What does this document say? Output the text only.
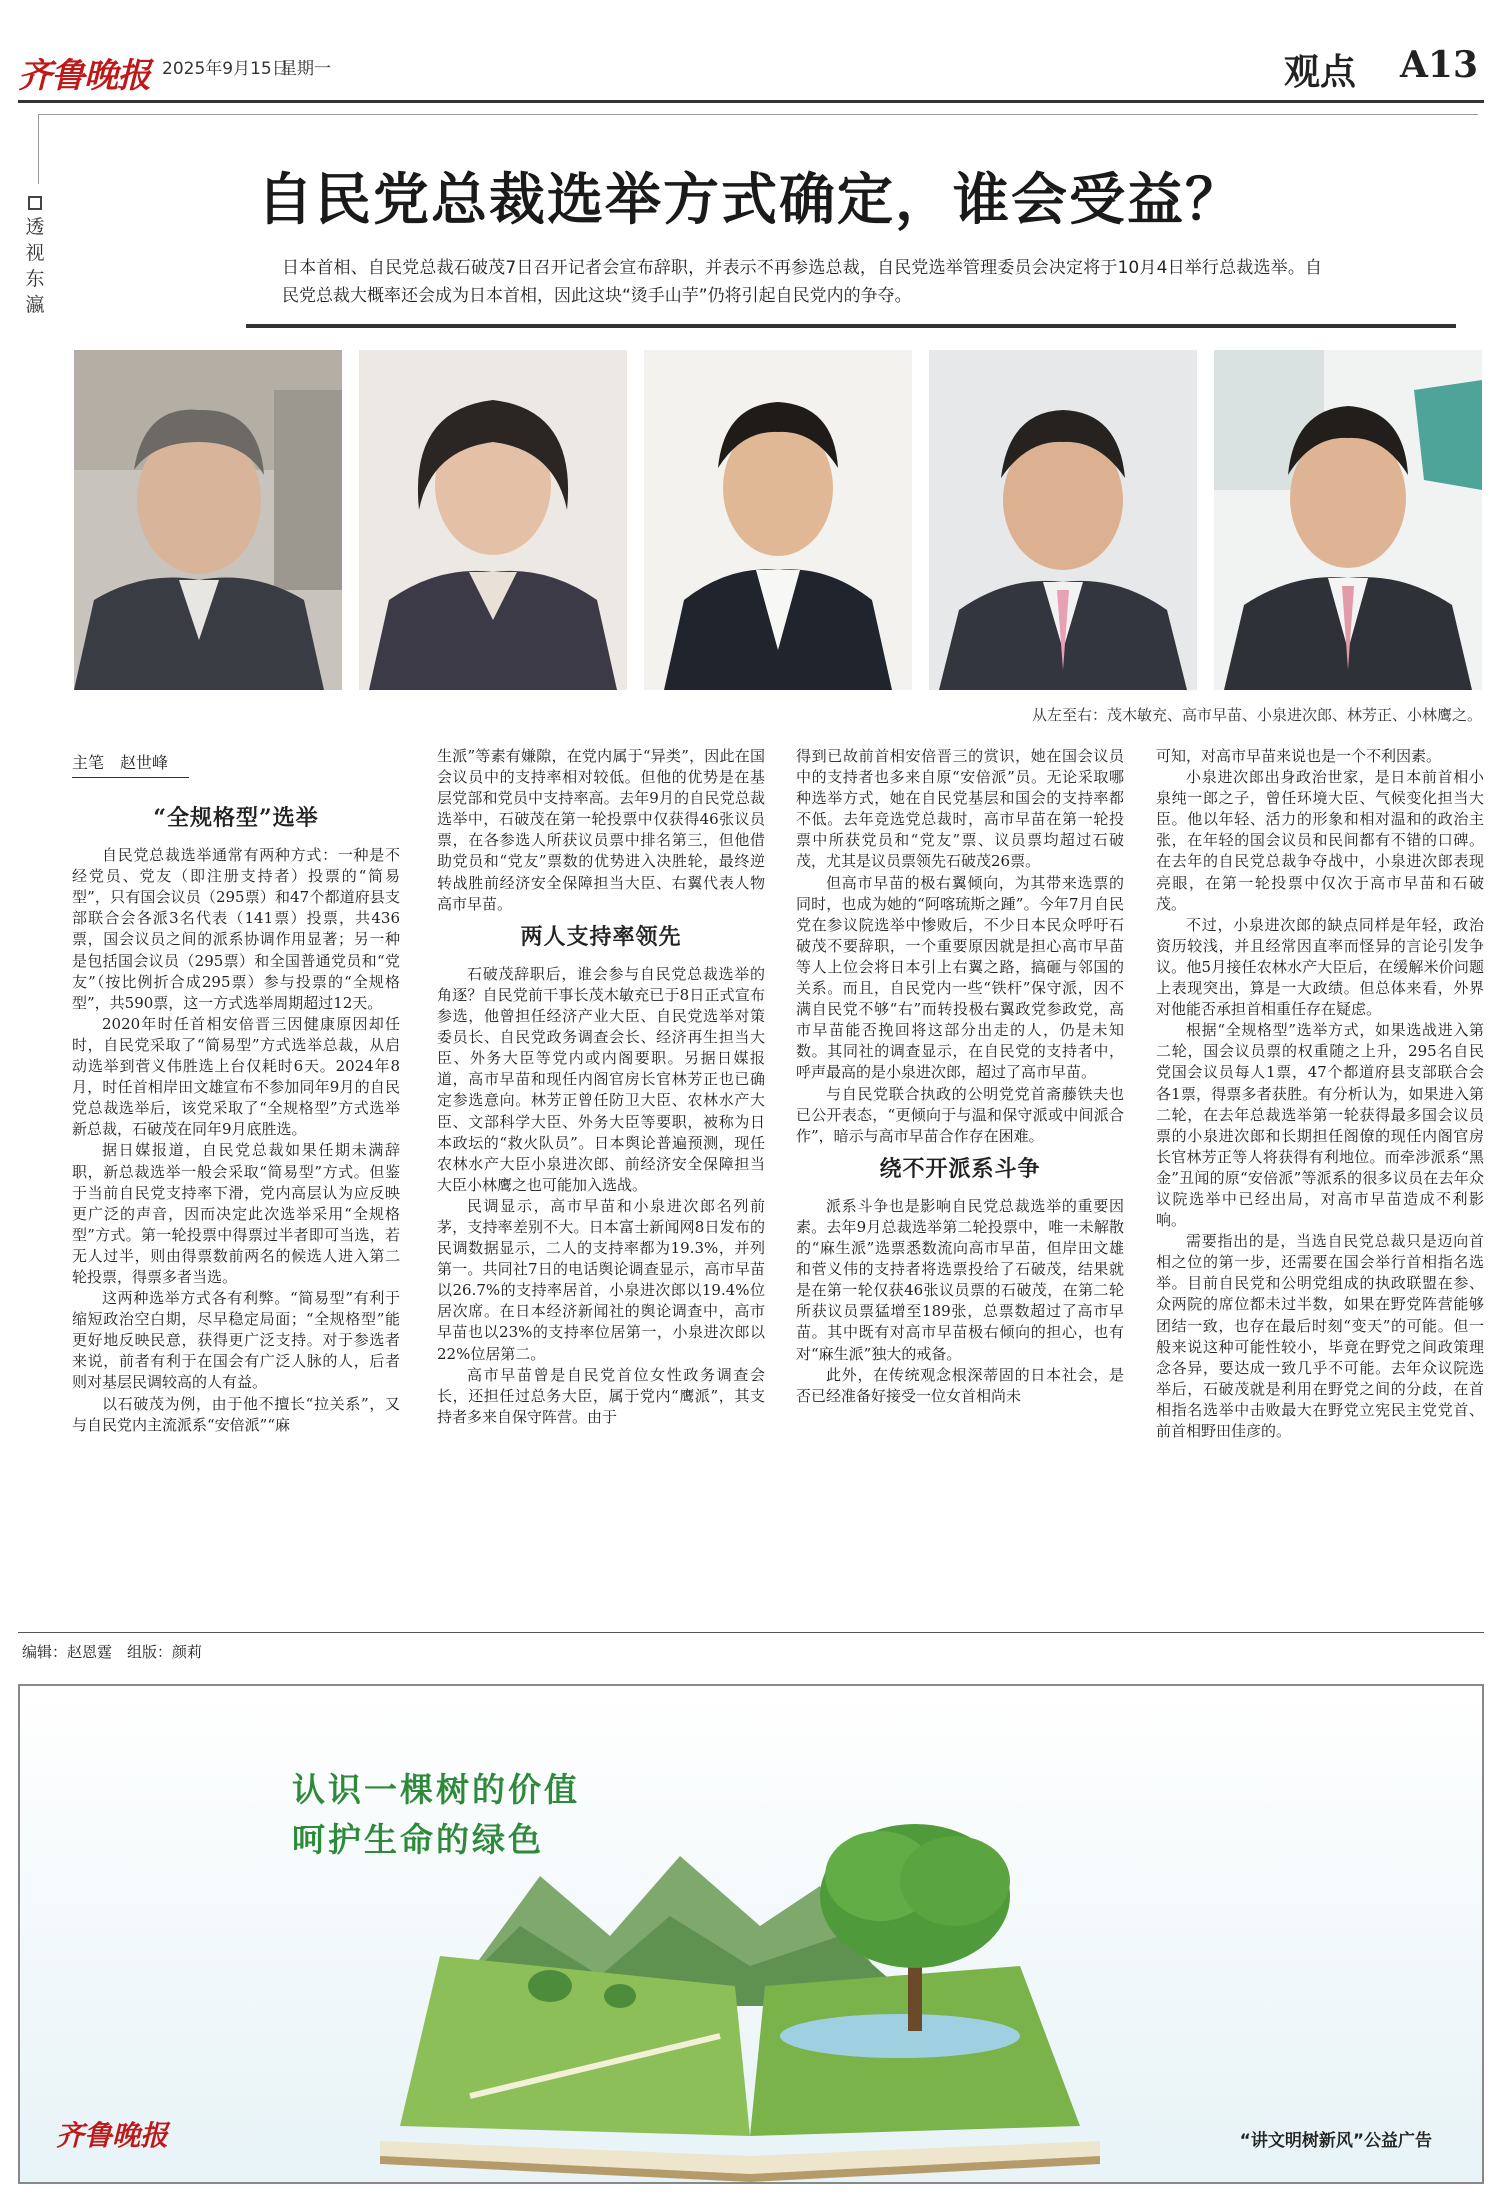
齐鲁晚报 2025年9月15日
星期一	观点 A13
透视东瀛
自民党总裁选举方式确定，谁会受益？
日本首相、自民党总裁石破茂7日召开记者会宣布辞职，并表示不再参选总裁，自民党选举管理委员会决定将于10月4日举行总裁选举。自民党总裁大概率还会成为日本首相，因此这块“烫手山芋”仍将引起自民党内的争夺。
从左至右：茂木敏充、高市早苗、小泉进次郎、林芳正、小林鹰之。
主笔　赵世峰
“全规格型”选举

自民党总裁选举通常有两种方式：一种是不经党员、党友（即注册支持者）投票的“简易型”，只有国会议员（295票）和47个都道府县支部联合会各派3名代表（141票）投票，共436票，国会议员之间的派系协调作用显著；另一种是包括国会议员（295票）和全国普通党员和“党友”（按比例折合成295票）参与投票的“全规格型”，共590票，这一方式选举周期超过12天。

2020年时任首相安倍晋三因健康原因却任时，自民党采取了“简易型”方式选举总裁，从启动选举到菅义伟胜选上台仅耗时6天。2024年8月，时任首相岸田文雄宣布不参加同年9月的自民党总裁选举后，该党采取了“全规格型”方式选举新总裁，石破茂在同年9月底胜选。

据日媒报道，自民党总裁如果任期未满辞职，新总裁选举一般会采取“简易型”方式。但鉴于当前自民党支持率下滑，党内高层认为应反映更广泛的声音，因而决定此次选举采用“全规格型”方式。第一轮投票中得票过半者即可当选，若无人过半，则由得票数前两名的候选人进入第二轮投票，得票多者当选。

这两种选举方式各有利弊。“简易型”有利于缩短政治空白期，尽早稳定局面；“全规格型”能更好地反映民意，获得更广泛支持。对于参选者来说，前者有利于在国会有广泛人脉的人，后者则对基层民调较高的人有益。

以石破茂为例，由于他不擅长“拉关系”，又与自民党内主流派系“安倍派”“麻

生派”等素有嫌隙，在党内属于“异类”，因此在国会议员中的支持率相对较低。但他的优势是在基层党部和党员中支持率高。去年9月的自民党总裁选举中，石破茂在第一轮投票中仅获得46张议员票，在各参选人所获议员票中排名第三，但他借助党员和“党友”票数的优势进入决胜轮，最终逆转战胜前经济安全保障担当大臣、右翼代表人物高市早苗。

两人支持率领先

石破茂辞职后，谁会参与自民党总裁选举的角逐？自民党前干事长茂木敏充已于8日正式宣布参选，他曾担任经济产业大臣、自民党选举对策委员长、自民党政务调查会长、经济再生担当大臣、外务大臣等党内或内阁要职。另据日媒报道，高市早苗和现任内阁官房长官林芳正也已确定参选意向。林芳正曾任防卫大臣、农林水产大臣、文部科学大臣、外务大臣等要职，被称为日本政坛的“救火队员”。日本舆论普遍预测，现任农林水产大臣小泉进次郎、前经济安全保障担当大臣小林鹰之也可能加入选战。

民调显示，高市早苗和小泉进次郎名列前茅，支持率差别不大。日本富士新闻网8日发布的民调数据显示，二人的支持率都为19.3%，并列第一。共同社7日的电话舆论调查显示，高市早苗以26.7%的支持率居首，小泉进次郎以19.4%位居次席。在日本经济新闻社的舆论调查中，高市早苗也以23%的支持率位居第一，小泉进次郎以22%位居第二。

高市早苗曾是自民党首位女性政务调查会长，还担任过总务大臣，属于党内“鹰派”，其支持者多来自保守阵营。由于

得到已故前首相安倍晋三的赏识，她在国会议员中的支持者也多来自原“安倍派”员。无论采取哪种选举方式，她在自民党基层和国会的支持率都不低。去年竞选党总裁时，高市早苗在第一轮投票中所获党员和“党友”票、议员票均超过石破茂，尤其是议员票领先石破茂26票。

但高市早苗的极右翼倾向，为其带来选票的同时，也成为她的“阿喀琉斯之踵”。今年7月自民党在参议院选举中惨败后，不少日本民众呼吁石破茂不要辞职，一个重要原因就是担心高市早苗等人上位会将日本引上右翼之路，搞砸与邻国的关系。而且，自民党内一些“铁杆”保守派，因不满自民党不够“右”而转投极右翼政党参政党，高市早苗能否挽回将这部分出走的人，仍是未知数。其同社的调查显示，在自民党的支持者中，呼声最高的是小泉进次郎，超过了高市早苗。

与自民党联合执政的公明党党首斋藤铁夫也已公开表态，“更倾向于与温和保守派或中间派合作”，暗示与高市早苗合作存在困难。

绕不开派系斗争

派系斗争也是影响自民党总裁选举的重要因素。去年9月总裁选举第二轮投票中，唯一未解散的“麻生派”选票悉数流向高市早苗，但岸田文雄和菅义伟的支持者将选票投给了石破茂，结果就是在第一轮仅获46张议员票的石破茂，在第二轮所获议员票猛增至189张，总票数超过了高市早苗。其中既有对高市早苗极右倾向的担心，也有对“麻生派”独大的戒备。

此外，在传统观念根深蒂固的日本社会，是否已经准备好接受一位女首相尚未

可知，对高市早苗来说也是一个不利因素。

小泉进次郎出身政治世家，是日本前首相小泉纯一郎之子，曾任环境大臣、气候变化担当大臣。他以年轻、活力的形象和相对温和的政治主张，在年轻的国会议员和民间都有不错的口碑。在去年的自民党总裁争夺战中，小泉进次郎表现亮眼，在第一轮投票中仅次于高市早苗和石破茂。

不过，小泉进次郎的缺点同样是年轻，政治资历较浅，并且经常因直率而怪异的言论引发争议。他5月接任农林水产大臣后，在缓解米价问题上表现突出，算是一大政绩。但总体来看，外界对他能否承担首相重任存在疑虑。

根据“全规格型”选举方式，如果选战进入第二轮，国会议员票的权重随之上升，295名自民党国会议员每人1票，47个都道府县支部联合会各1票，得票多者获胜。有分析认为，如果进入第二轮，在去年总裁选举第一轮获得最多国会议员票的小泉进次郎和长期担任阁僚的现任内阁官房长官林芳正等人将获得有利地位。而牵涉派系“黑金”丑闻的原“安倍派”等派系的很多议员在去年众议院选举中已经出局，对高市早苗造成不利影响。

需要指出的是，当选自民党总裁只是迈向首相之位的第一步，还需要在国会举行首相指名选举。目前自民党和公明党组成的执政联盟在参、众两院的席位都未过半数，如果在野党阵营能够团结一致，也存在最后时刻“变天”的可能。但一般来说这种可能性较小，毕竟在野党之间政策理念各异，要达成一致几乎不可能。去年众议院选举后，石破茂就是利用在野党之间的分歧，在首相指名选举中击败最大在野党立宪民主党党首、前首相野田佳彦的。

编辑：赵恩霆　组版：颜莉
认识一棵树的价值
呵护生命的绿色
齐鲁晚报	“讲文明树新风”公益广告
